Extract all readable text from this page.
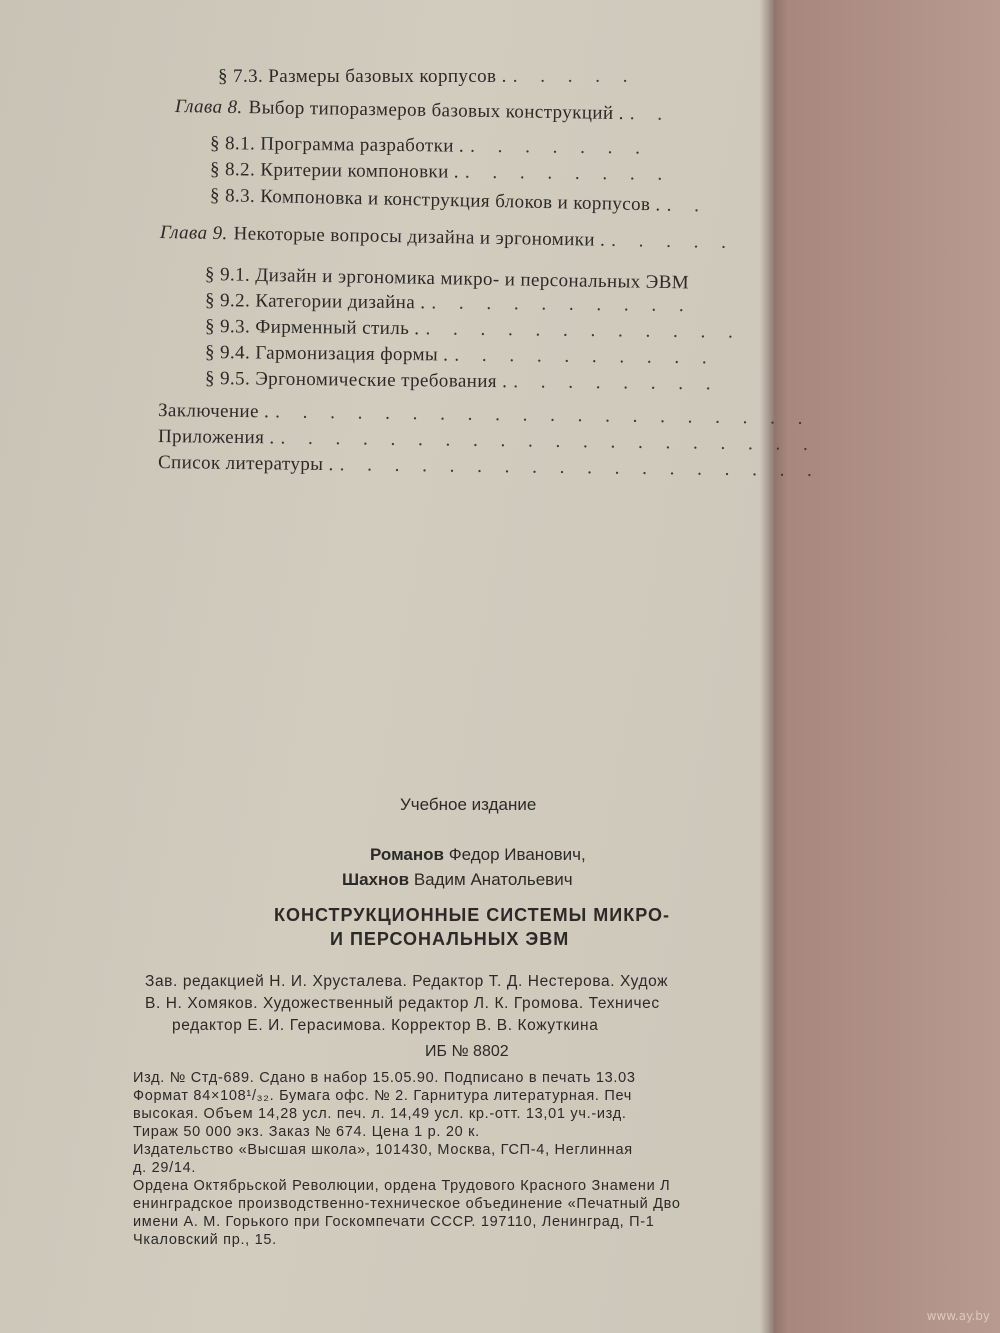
§ 7.3. Размеры базовых корпусов . . . . . .
Глава 8. Выбор типоразмеров базовых конструкций . . .
§ 8.1. Программа разработки . . . . . . . .
§ 8.2. Критерии компоновки . . . . . . . . .
§ 8.3. Компоновка и конструкция блоков и корпусов . . .
Глава 9. Некоторые вопросы дизайна и эргономики . . . . . .
§ 9.1. Дизайн и эргономика микро- и персональных ЭВМ
§ 9.2. Категории дизайна . . . . . . . . . . .
§ 9.3. Фирменный стиль . . . . . . . . . . . . .
§ 9.4. Гармонизация формы . . . . . . . . . . .
§ 9.5. Эргономические требования . . . . . . . . .
Заключение . . . . . . . . . . . . . . . . . . . . .
Приложения . . . . . . . . . . . . . . . . . . . . .
Список литературы . . . . . . . . . . . . . . . . . . .
Учебное издание
Романов Федор Иванович,
Шахнов Вадим Анатольевич
КОНСТРУКЦИОННЫЕ СИСТЕМЫ МИКРО-
И ПЕРСОНАЛЬНЫХ ЭВМ
Зав. редакцией Н. И. Хрусталева. Редактор Т. Д. Нестерова. Худож
В. Н. Хомяков. Художественный редактор Л. К. Громова. Техничес
редактор Е. И. Герасимова. Корректор В. В. Кожуткина
ИБ № 8802
Изд. № Стд-689. Сдано в набор 15.05.90. Подписано в печать 13.03
Формат 84×108¹/₃₂. Бумага офс. № 2. Гарнитура литературная. Печ
высокая. Объем 14,28 усл. печ. л. 14,49 усл. кр.-отт. 13,01 уч.-изд.
Тираж 50 000 экз. Заказ № 674. Цена 1 р. 20 к.
Издательство «Высшая школа», 101430, Москва, ГСП-4, Неглинная
д. 29/14.
Ордена Октябрьской Революции, ордена Трудового Красного Знамени Л
енинградское производственно-техническое объединение «Печатный Дво
имени А. М. Горького при Госкомпечати СССР. 197110, Ленинград, П-1
Чкаловский пр., 15.
www.ay.by
